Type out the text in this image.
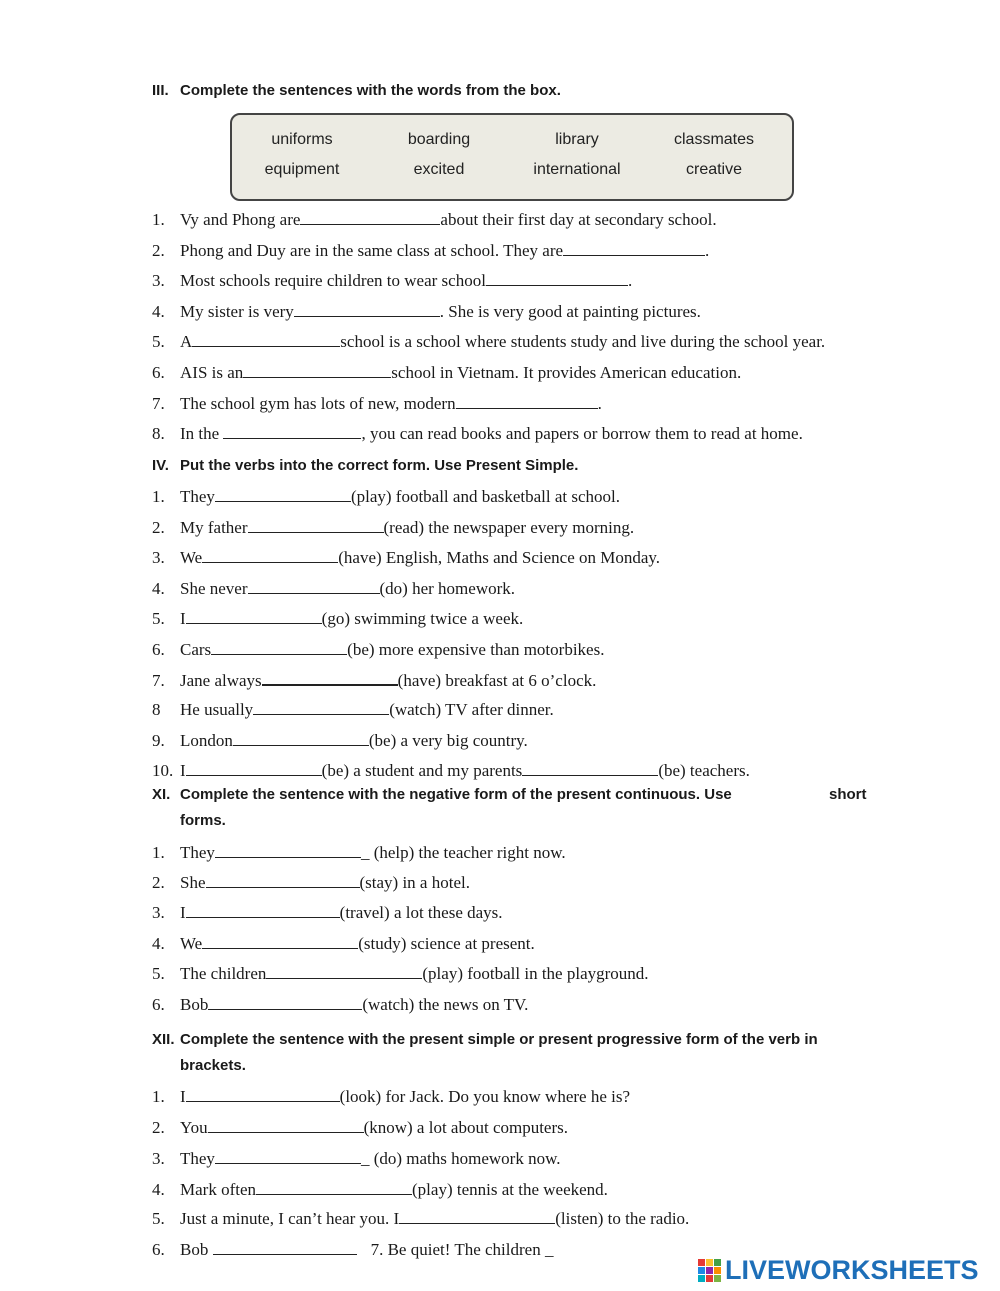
III. Complete the sentences with the words from the box.
uniforms	boarding	library	classmates
equipment	excited	international	creative
1. Vy and Phong are	about their first day at secondary school.
2. Phong and Duy are in the same class at school. They are	.
3. Most schools require children to wear school	.
4. My sister is very	. She is very good at painting pictures.
5. A	school is a school where students study and live during the school year.
6. AIS is an	school in Vietnam. It provides American education.
7. The school gym has lots of new, modern	.
8. In the	, you can read books and papers or borrow them to read at home.
IV. Put the verbs into the correct form. Use Present Simple.
1. They	(play) football and basketball at school.
2. My father	(read) the newspaper every morning.
3. We	(have) English, Maths and Science on Monday.
4. She never	(do) her homework.
5. I	(go) swimming twice a week.
6. Cars	(be) more expensive than motorbikes.
7. Jane always	(have) breakfast at 6 o’clock.
8 He usually	(watch) TV after dinner.
9. London	(be) a very big country.
10. I	(be) a student and my parents	(be) teachers.
XI. Complete the sentence with the negative form of the present continuous. Use	short
forms.
1. They	_ (help) the teacher right now.
2. She	(stay) in a hotel.
3. I	(travel) a lot these days.
4. We	(study) science at present.
5. The children	(play) football in the playground.
6. Bob	(watch) the news on TV.
XII. Complete the sentence with the present simple or present progressive form of the verb in
brackets.
1. I	(look) for Jack. Do you know where he is?
2. You	(know) a lot about computers.
3. They	_ (do) maths homework now.
4. Mark often	(play) tennis at the weekend.
5. Just a minute, I can’t hear you. I	(listen) to the radio.
6. Bob	7. Be quiet! The children _
LIVEWORKSHEETS
